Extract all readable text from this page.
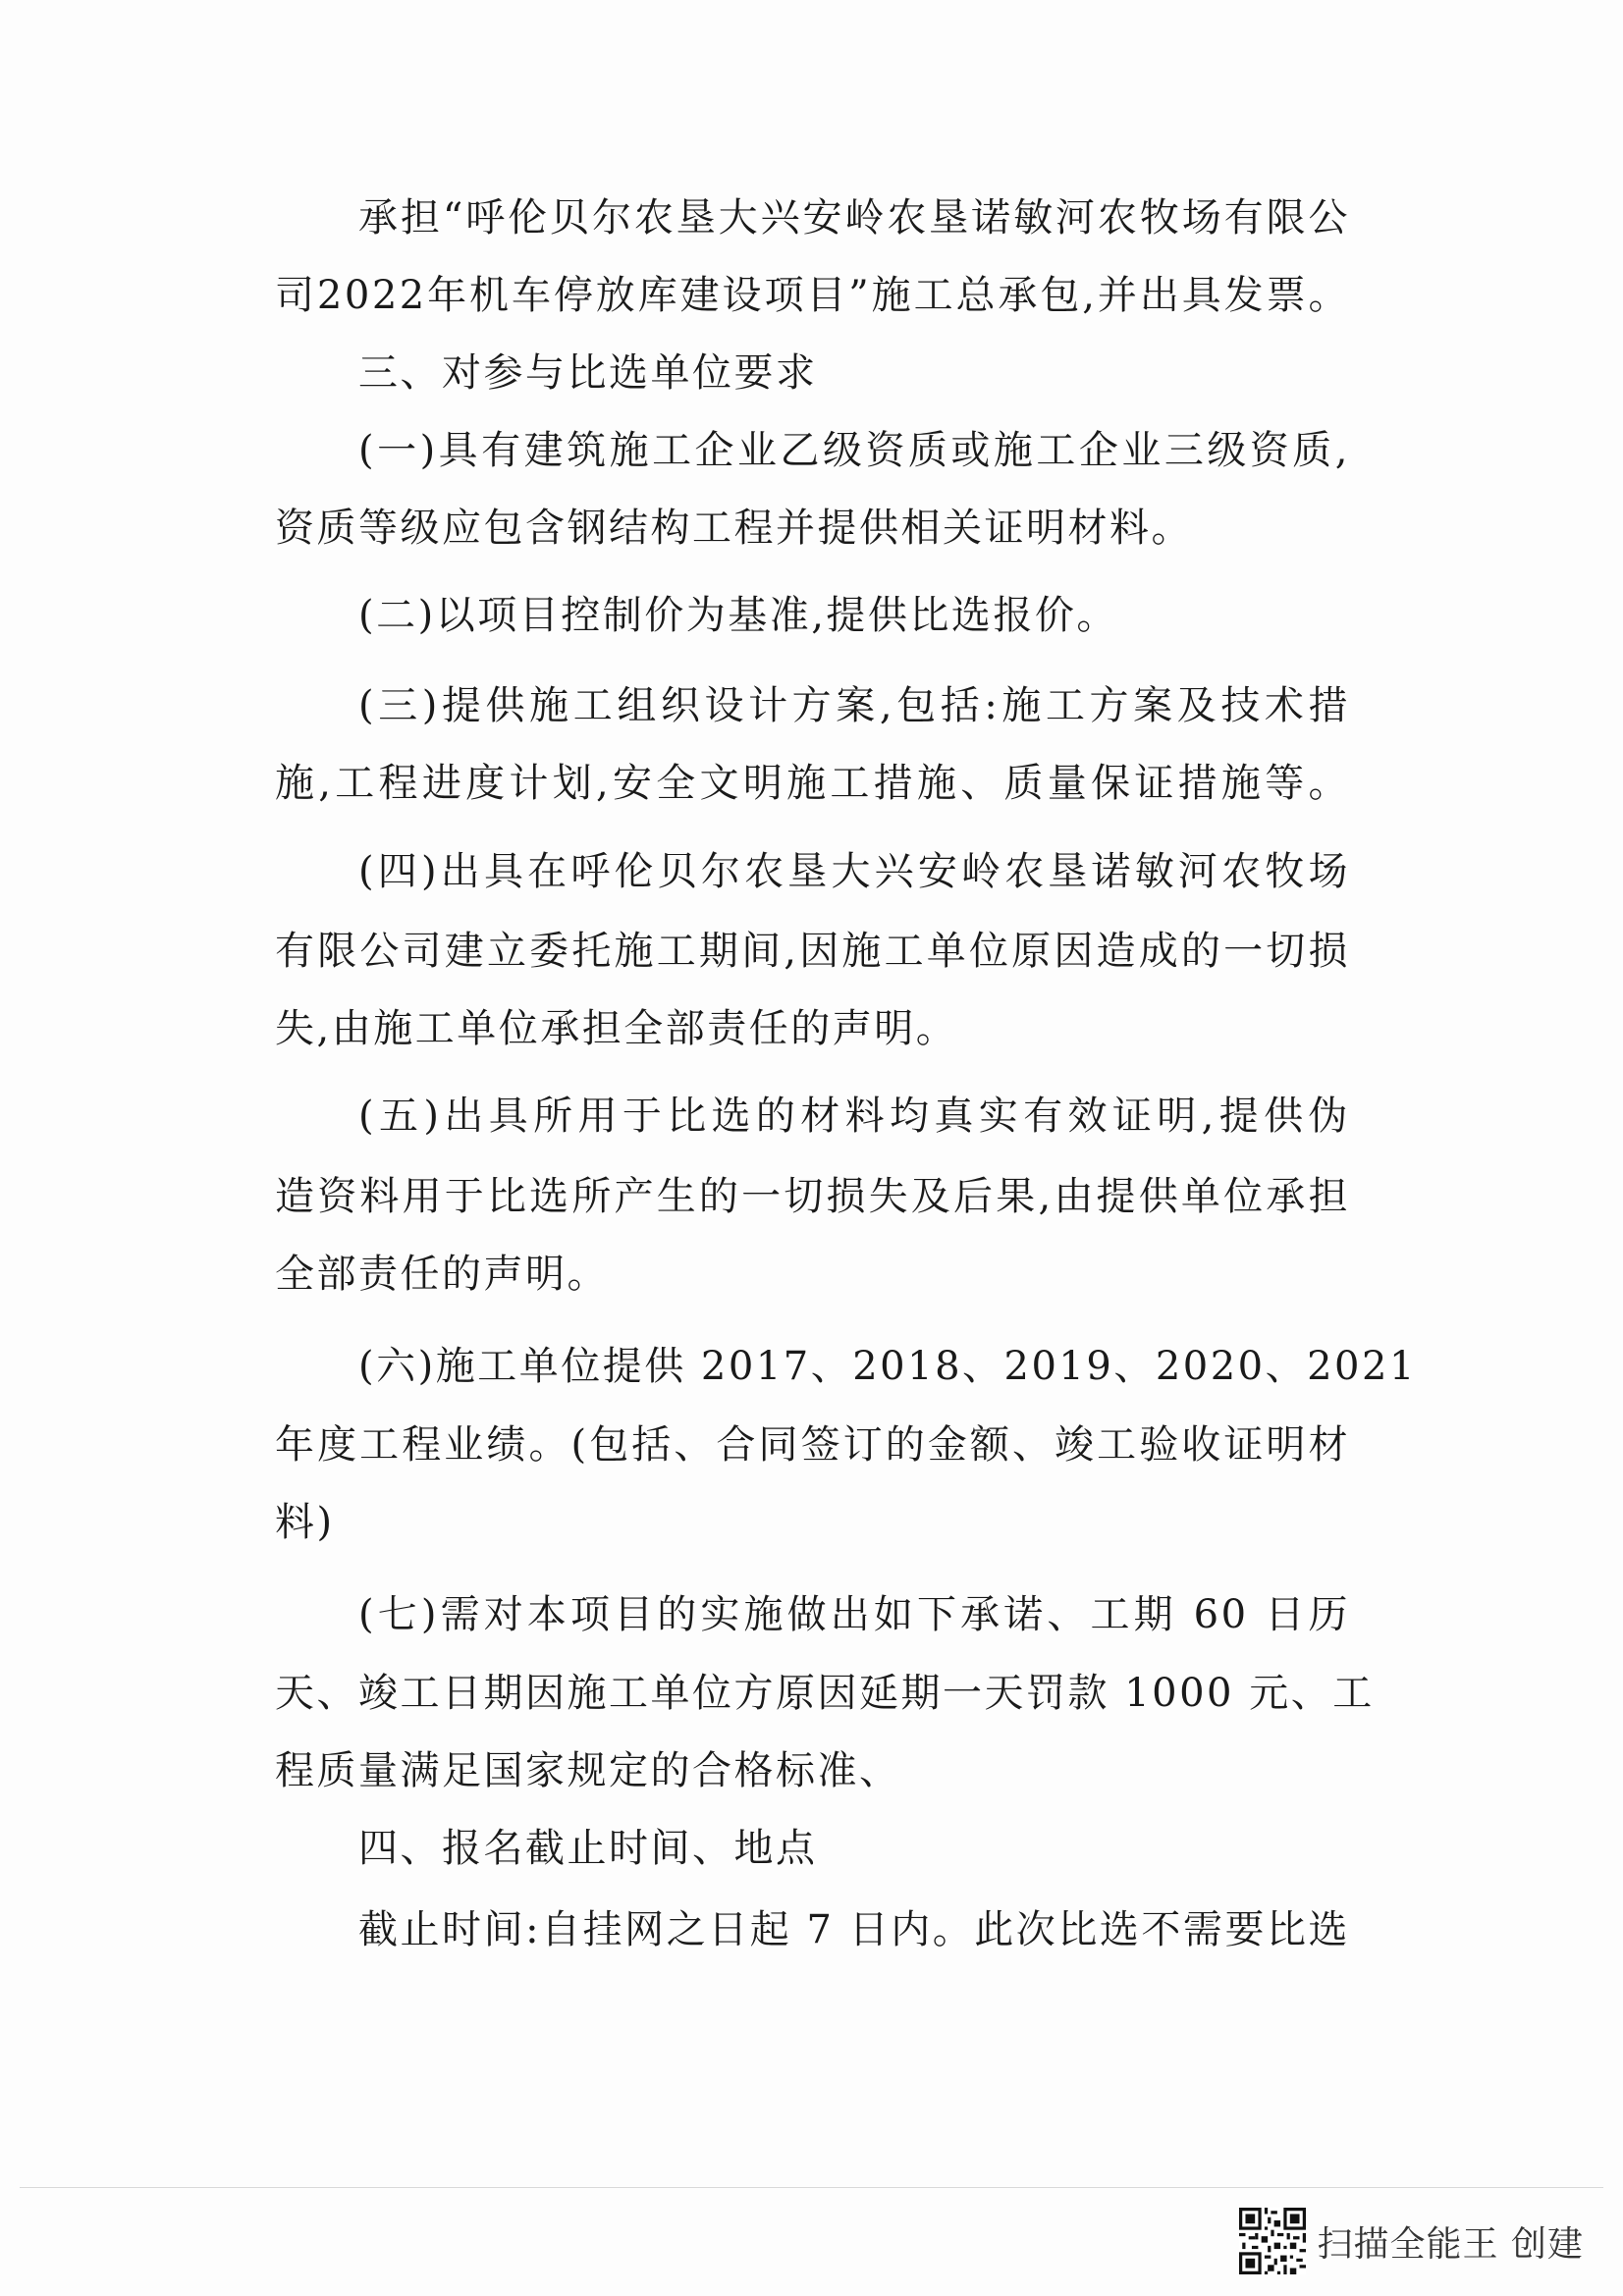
承担“呼伦贝尔农垦大兴安岭农垦诺敏河农牧场有限公
司2022年机车停放库建设项目”施工总承包,并出具发票。
三、对参与比选单位要求
(一)具有建筑施工企业乙级资质或施工企业三级资质,
资质等级应包含钢结构工程并提供相关证明材料。
(二)以项目控制价为基准,提供比选报价。
(三)提供施工组织设计方案,包括:施工方案及技术措
施,工程进度计划,安全文明施工措施、质量保证措施等。
(四)出具在呼伦贝尔农垦大兴安岭农垦诺敏河农牧场
有限公司建立委托施工期间,因施工单位原因造成的一切损
失,由施工单位承担全部责任的声明。
(五)出具所用于比选的材料均真实有效证明,提供伪
造资料用于比选所产生的一切损失及后果,由提供单位承担
全部责任的声明。
(六)施工单位提供 2017、2018、2019、2020、2021
年度工程业绩。(包括、合同签订的金额、竣工验收证明材
料)
(七)需对本项目的实施做出如下承诺、工期 60 日历
天、竣工日期因施工单位方原因延期一天罚款 1000 元、工
程质量满足国家规定的合格标准、
四、报名截止时间、地点
截止时间:自挂网之日起 7 日内。此次比选不需要比选
扫描全能王 创建
